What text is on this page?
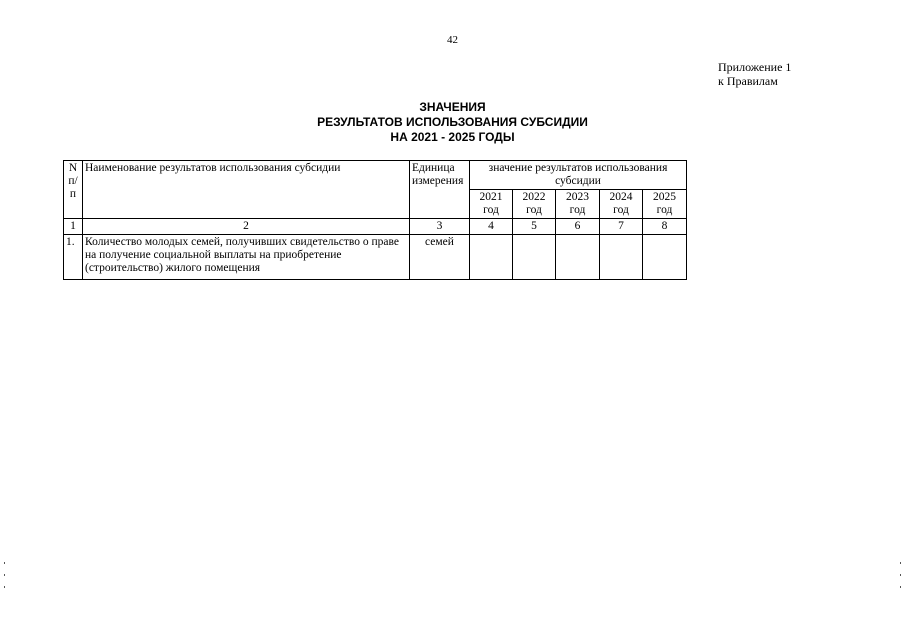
42
Приложение 1
к Правилам
ЗНАЧЕНИЯ
РЕЗУЛЬТАТОВ ИСПОЛЬЗОВАНИЯ СУБСИДИИ
НА 2021 - 2025 ГОДЫ
N п/п	Наименование результатов использования субсидии	Единица измерения	значение результатов использования субсидии				
			2021 год	2022 год	2023 год	2024 год	2025 год
1	2	3	4	5	6	7	8
1.	Количество молодых семей, получивших свидетельство о праве на получение социальной выплаты на приобретение (строительство) жилого помещения	семей					
